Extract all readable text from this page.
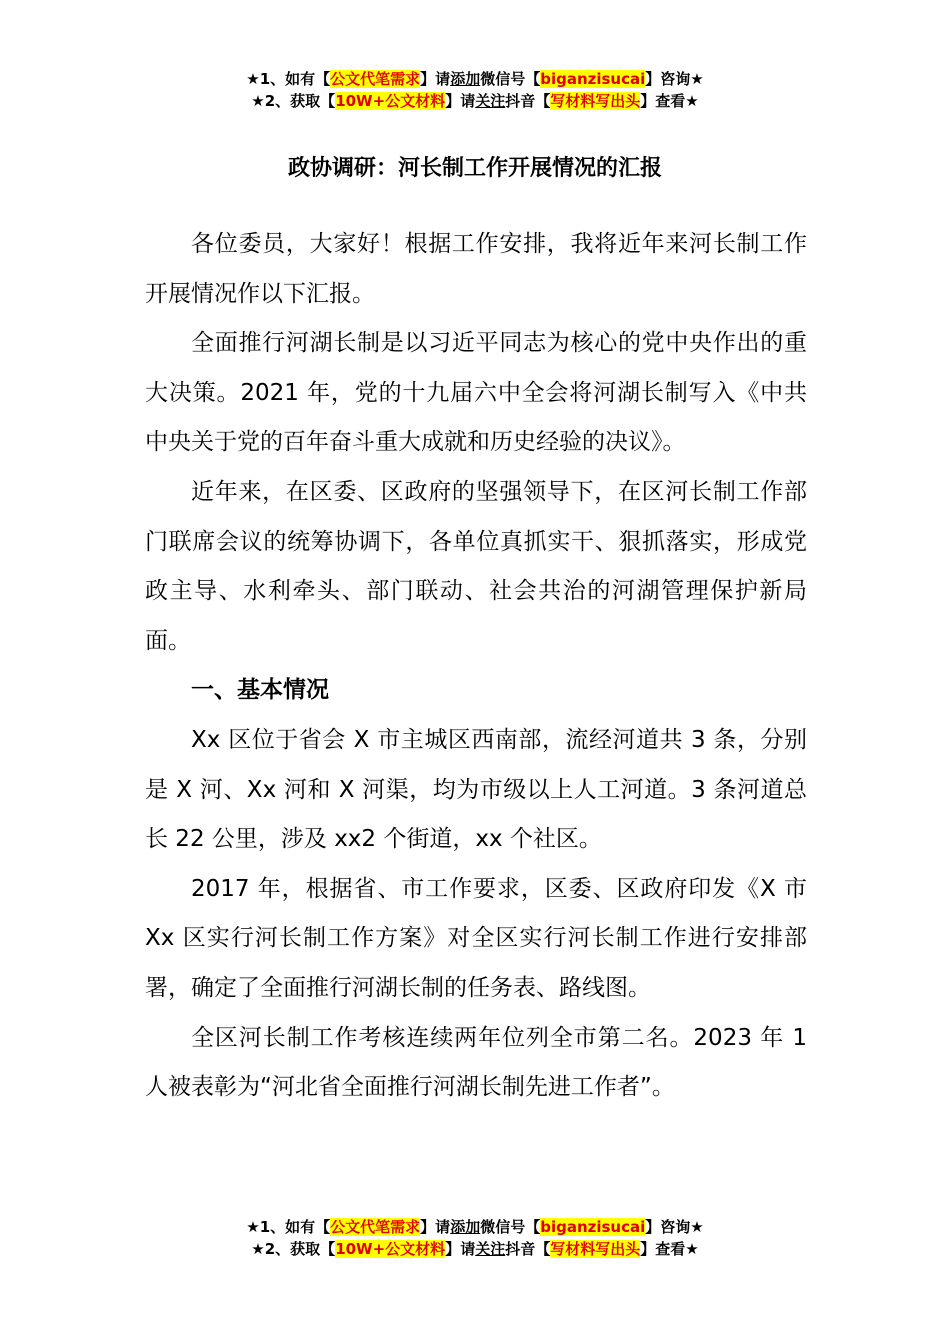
★1、如有【公文代笔需求】请添加微信号【biganzisucai】咨询★
★2、获取【10W+公文材料】请关注抖音【写材料写出头】查看★
政协调研：河长制工作开展情况的汇报

各位委员，大家好！根据工作安排，我将近年来河长制工作开展情况作以下汇报。

全面推行河湖长制是以习近平同志为核心的党中央作出的重大决策。2021 年，党的十九届六中全会将河湖长制写入《中共中央关于党的百年奋斗重大成就和历史经验的决议》。

近年来，在区委、区政府的坚强领导下，在区河长制工作部门联席会议的统筹协调下，各单位真抓实干、狠抓落实，形成党政主导、水利牵头、部门联动、社会共治的河湖管理保护新局面。

一、基本情况

Xx 区位于省会 X 市主城区西南部，流经河道共 3 条，分别是 X 河、Xx 河和 X 河渠，均为市级以上人工河道。3 条河道总长 22 公里，涉及 xx2 个街道，xx 个社区。

2017 年，根据省、市工作要求，区委、区政府印发《X 市 Xx 区实行河长制工作方案》对全区实行河长制工作进行安排部署，确定了全面推行河湖长制的任务表、路线图。

全区河长制工作考核连续两年位列全市第二名。2023 年 1 人被表彰为“河北省全面推行河湖长制先进工作者”。

★1、如有【公文代笔需求】请添加微信号【biganzisucai】咨询★
★2、获取【10W+公文材料】请关注抖音【写材料写出头】查看★
